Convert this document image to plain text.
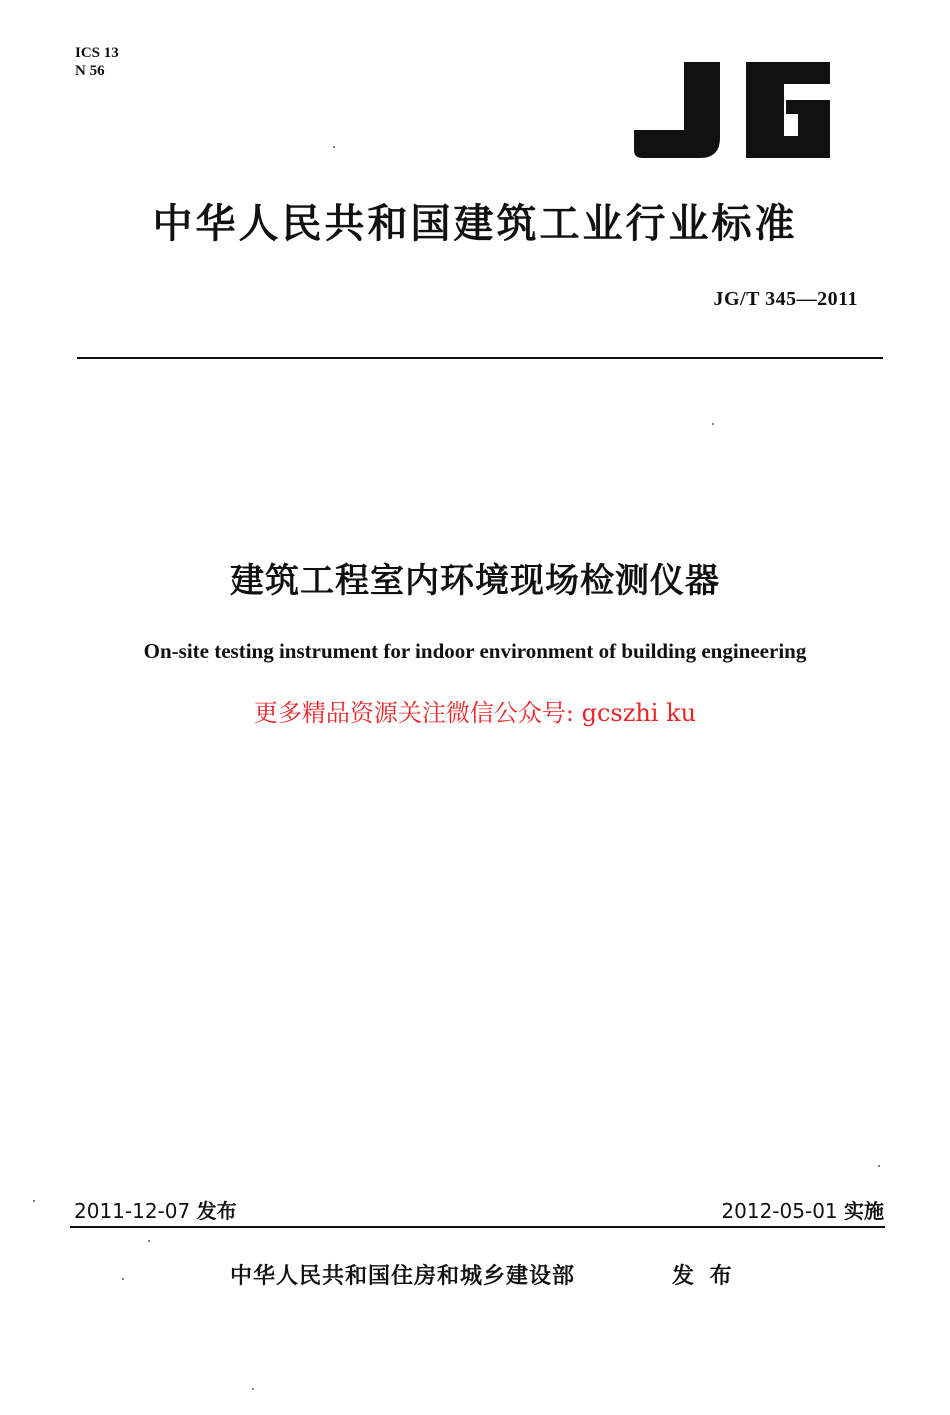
ICS 13
N 56
中华人民共和国建筑工业行业标准
JG/T 345—2011
建筑工程室内环境现场检测仪器
On-site testing instrument for indoor environment of building engineering
更多精品资源关注微信公众号: gcszhi ku
2011-12-07 发布	2012-05-01 实施
中华人民共和国住房和城乡建设部	发 布
